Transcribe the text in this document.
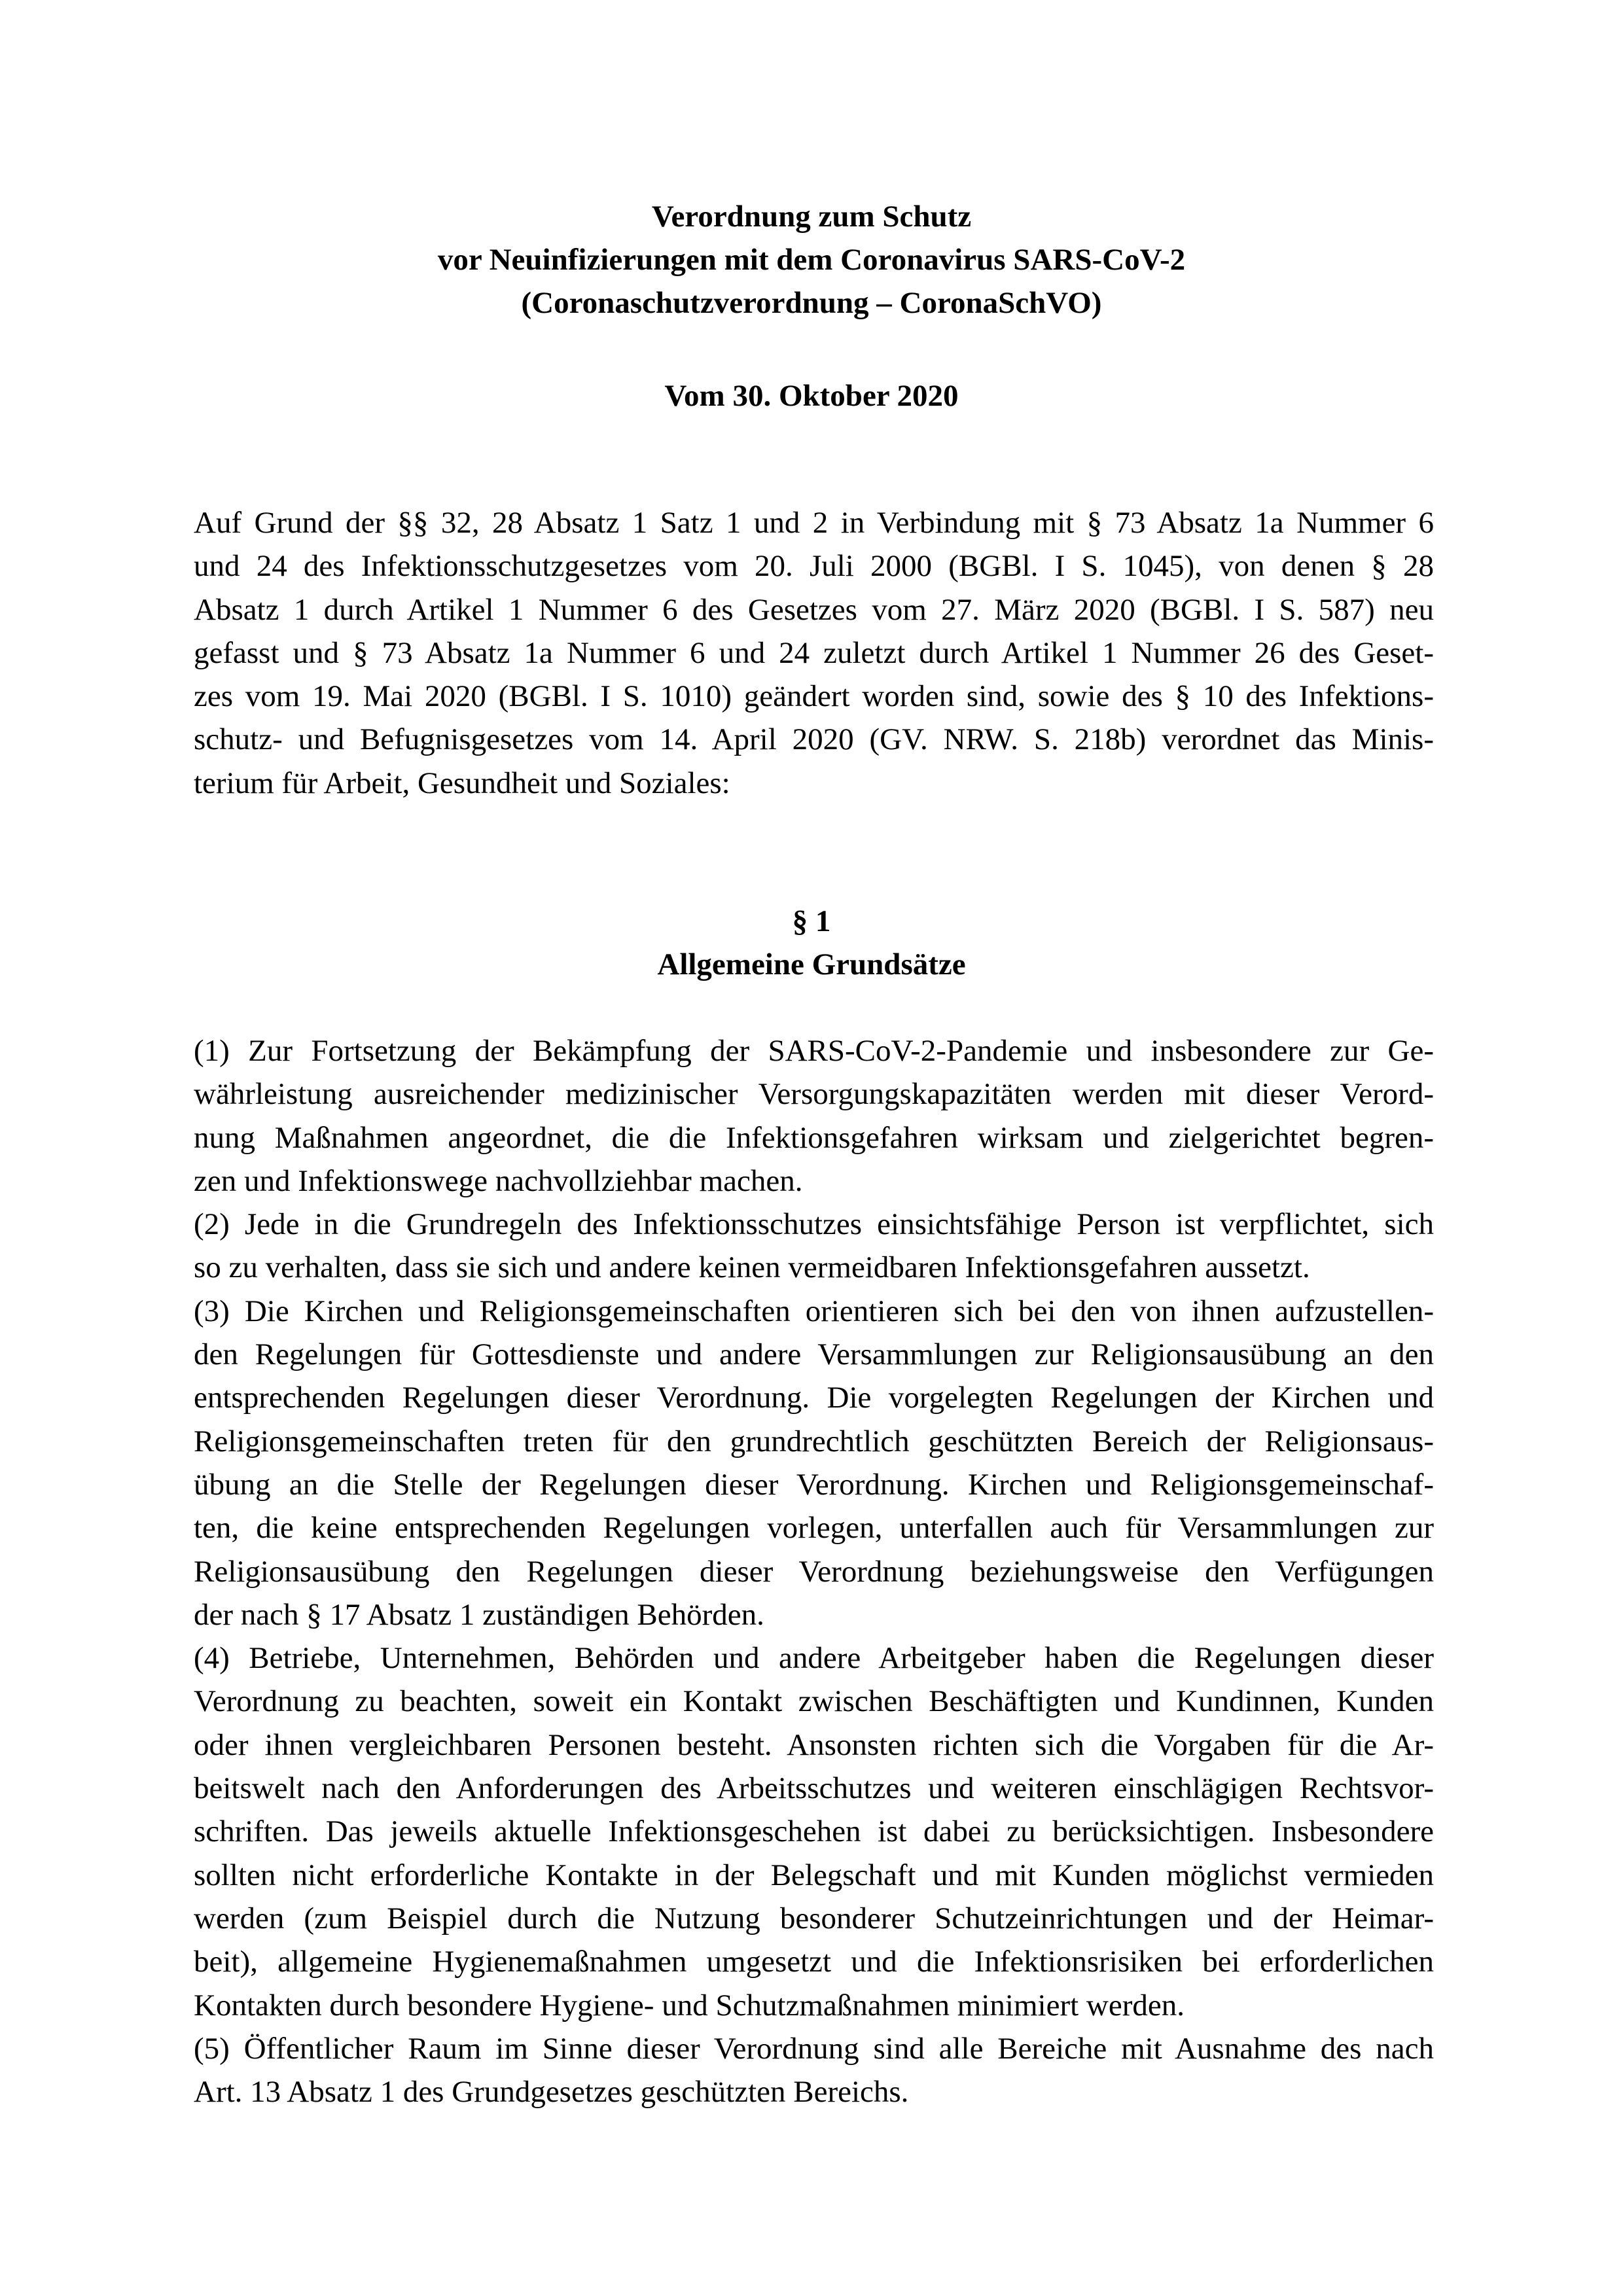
Verordnung zum Schutz
vor Neuinfizierungen mit dem Coronavirus SARS-CoV-2
(Coronaschutzverordnung – CoronaSchVO)
Vom 30. Oktober 2020
Auf Grund der §§ 32, 28 Absatz 1 Satz 1 und 2 in Verbindung mit § 73 Absatz 1a Nummer 6
und 24 des Infektionsschutzgesetzes vom 20. Juli 2000 (BGBl. I S. 1045), von denen § 28
Absatz 1 durch Artikel 1 Nummer 6 des Gesetzes vom 27. März 2020 (BGBl. I S. 587) neu
gefasst und § 73 Absatz 1a Nummer 6 und 24 zuletzt durch Artikel 1 Nummer 26 des Geset-
zes vom 19. Mai 2020 (BGBl. I S. 1010) geändert worden sind, sowie des § 10 des Infektions-
schutz- und Befugnisgesetzes vom 14. April 2020 (GV. NRW. S. 218b) verordnet das Minis-
terium für Arbeit, Gesundheit und Soziales:
§ 1
Allgemeine Grundsätze
(1) Zur Fortsetzung der Bekämpfung der SARS-CoV-2-Pandemie und insbesondere zur Ge-
währleistung ausreichender medizinischer Versorgungskapazitäten werden mit dieser Verord-
nung Maßnahmen angeordnet, die die Infektionsgefahren wirksam und zielgerichtet begren-
zen und Infektionswege nachvollziehbar machen.
(2) Jede in die Grundregeln des Infektionsschutzes einsichtsfähige Person ist verpflichtet, sich
so zu verhalten, dass sie sich und andere keinen vermeidbaren Infektionsgefahren aussetzt.
(3) Die Kirchen und Religionsgemeinschaften orientieren sich bei den von ihnen aufzustellen-
den Regelungen für Gottesdienste und andere Versammlungen zur Religionsausübung an den
entsprechenden Regelungen dieser Verordnung. Die vorgelegten Regelungen der Kirchen und
Religionsgemeinschaften treten für den grundrechtlich geschützten Bereich der Religionsaus-
übung an die Stelle der Regelungen dieser Verordnung. Kirchen und Religionsgemeinschaf-
ten, die keine entsprechenden Regelungen vorlegen, unterfallen auch für Versammlungen zur
Religionsausübung den Regelungen dieser Verordnung beziehungsweise den Verfügungen
der nach § 17 Absatz 1 zuständigen Behörden.
(4) Betriebe, Unternehmen, Behörden und andere Arbeitgeber haben die Regelungen dieser
Verordnung zu beachten, soweit ein Kontakt zwischen Beschäftigten und Kundinnen, Kunden
oder ihnen vergleichbaren Personen besteht. Ansonsten richten sich die Vorgaben für die Ar-
beitswelt nach den Anforderungen des Arbeitsschutzes und weiteren einschlägigen Rechtsvor-
schriften. Das jeweils aktuelle Infektionsgeschehen ist dabei zu berücksichtigen. Insbesondere
sollten nicht erforderliche Kontakte in der Belegschaft und mit Kunden möglichst vermieden
werden (zum Beispiel durch die Nutzung besonderer Schutzeinrichtungen und der Heimar-
beit), allgemeine Hygienemaßnahmen umgesetzt und die Infektionsrisiken bei erforderlichen
Kontakten durch besondere Hygiene- und Schutzmaßnahmen minimiert werden.
(5) Öffentlicher Raum im Sinne dieser Verordnung sind alle Bereiche mit Ausnahme des nach
Art. 13 Absatz 1 des Grundgesetzes geschützten Bereichs.
